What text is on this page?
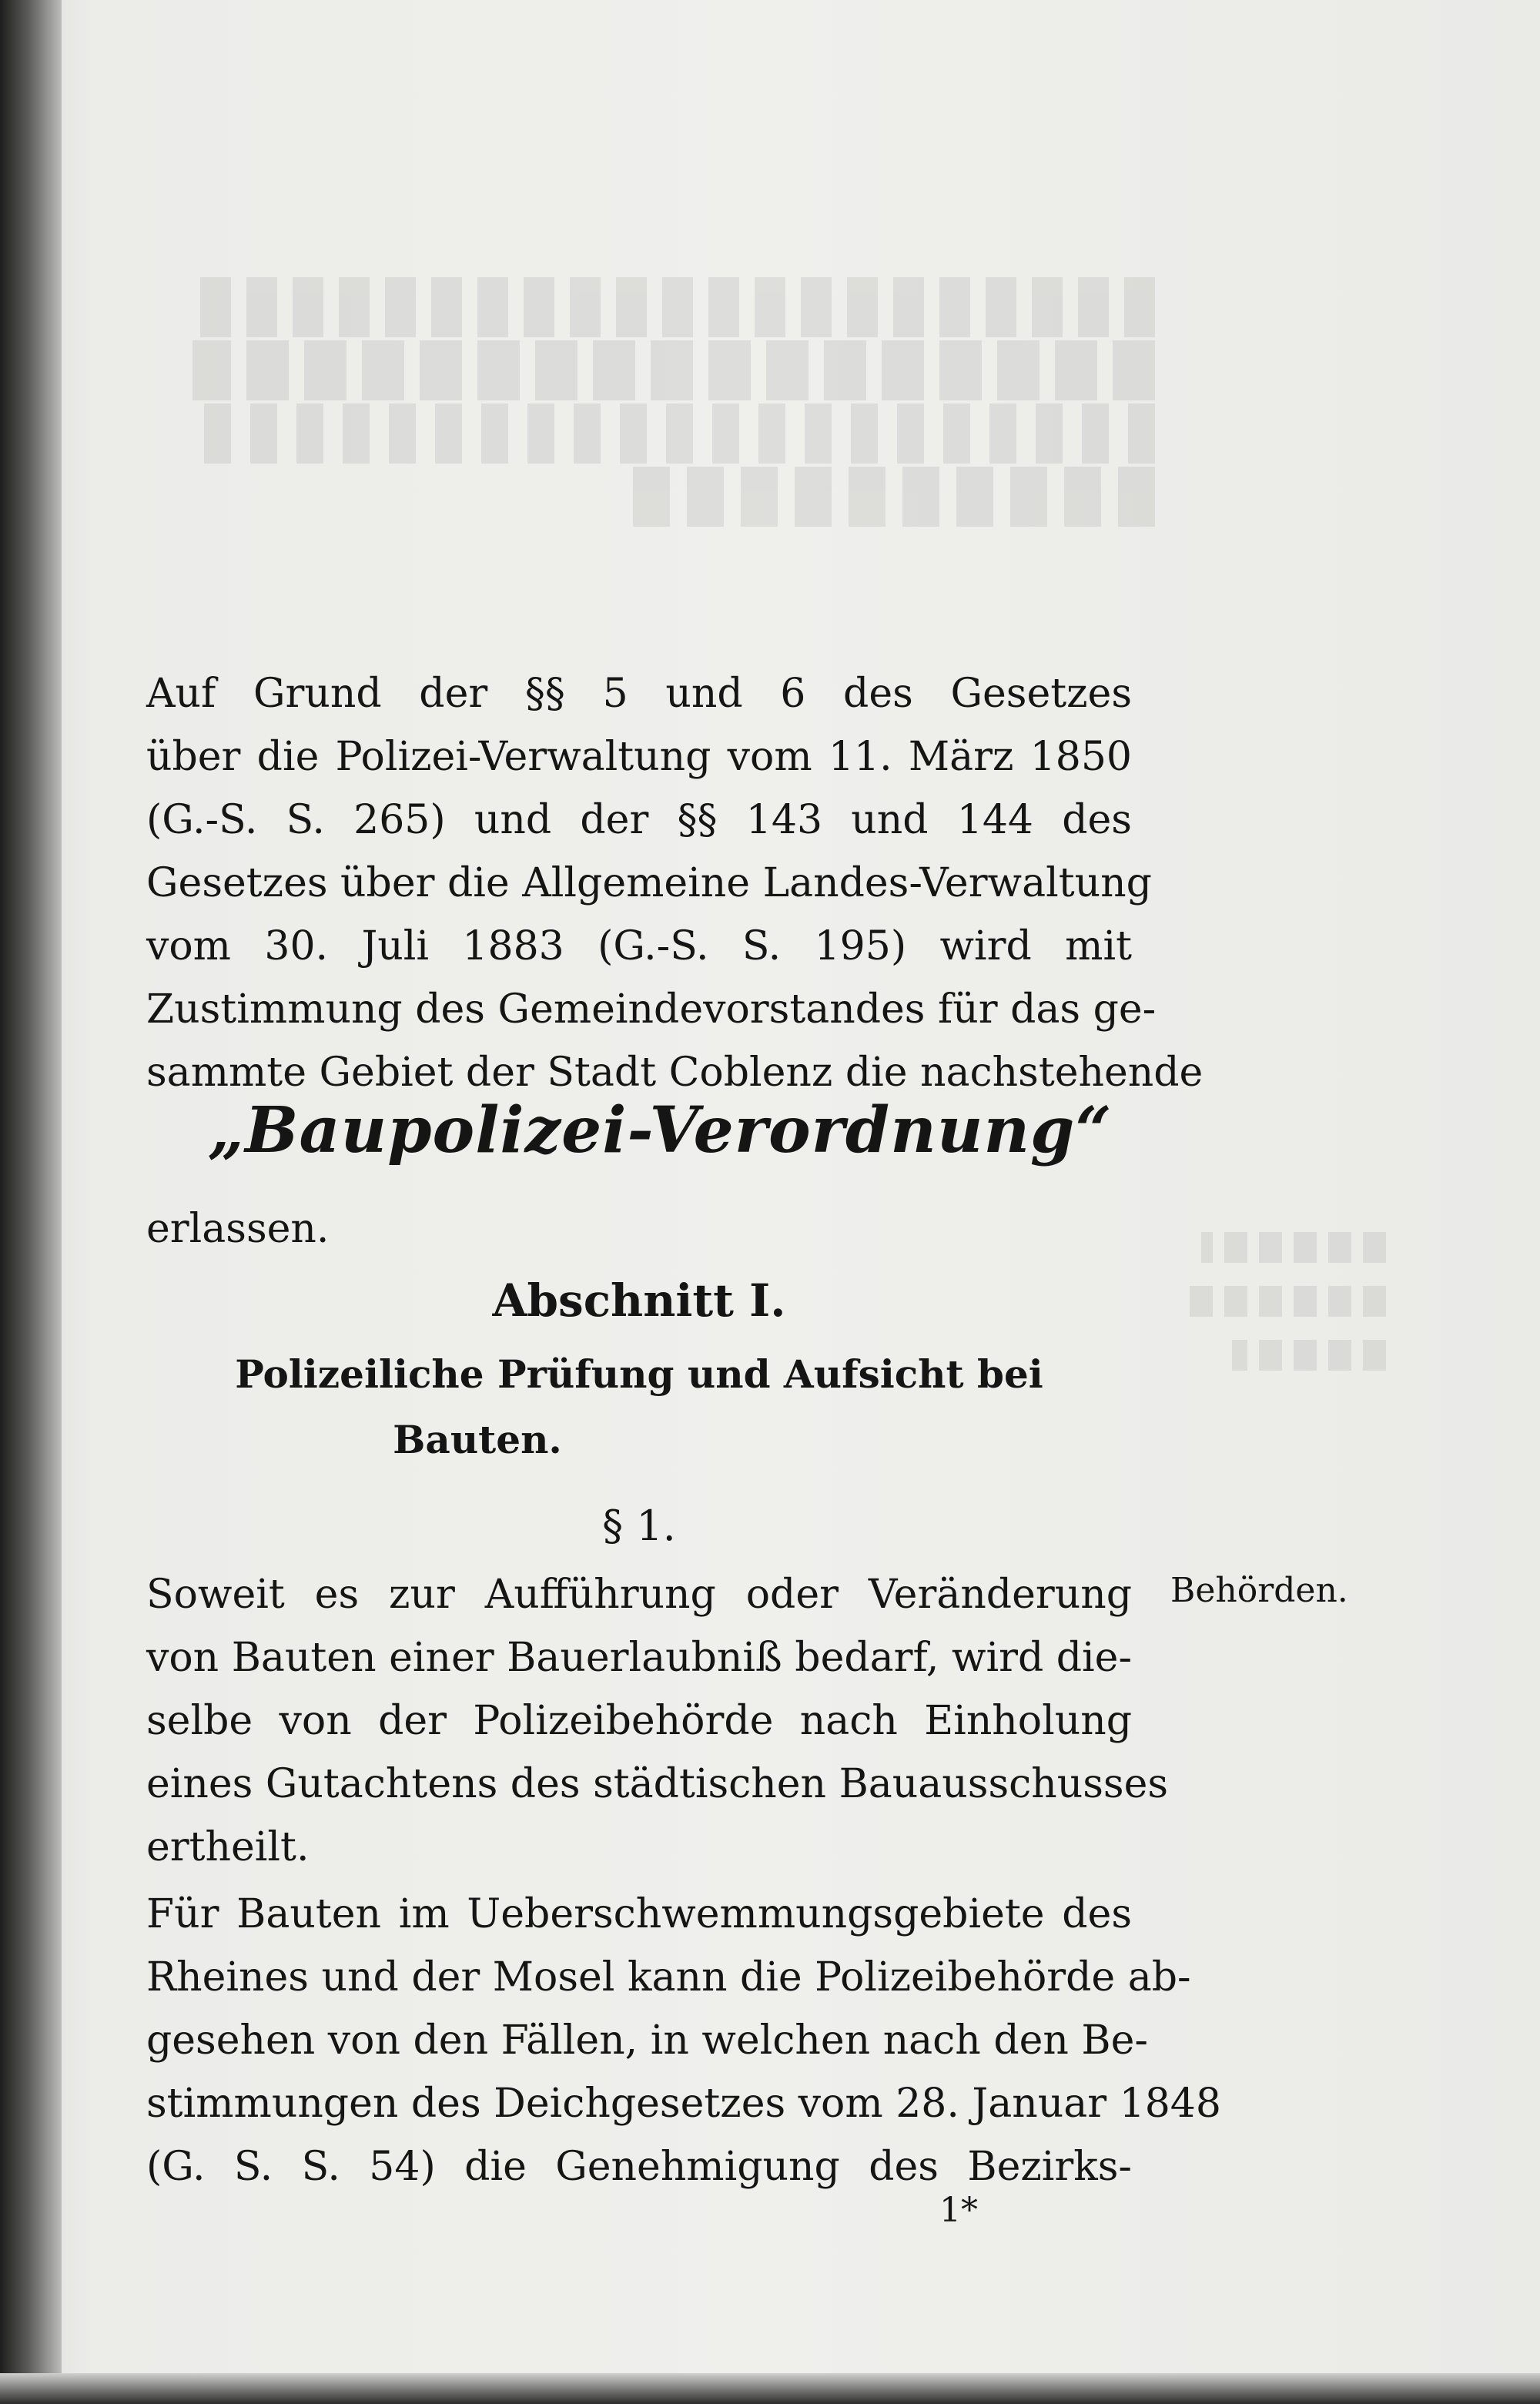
Auf Grund der §§ 5 und 6 des Gesetzes
über die Polizei-Verwaltung vom 11. März 1850
(G.-S. S. 265) und der §§ 143 und 144 des
Gesetzes über die Allgemeine Landes-Verwaltung
vom 30. Juli 1883 (G.-S. S. 195) wird mit
Zustimmung des Gemeindevorstandes für das ge-
sammte Gebiet der Stadt Coblenz die nachstehende
„Baupolizei-Verordnung“
erlassen.
Abschnitt I.
Polizeiliche Prüfung und Aufsicht bei
Bauten.
§ 1.
Behörden.
Soweit es zur Aufführung oder Veränderung
von Bauten einer Bauerlaubniß bedarf, wird die-
selbe von der Polizeibehörde nach Einholung
eines Gutachtens des städtischen Bauausschusses
ertheilt.
Für Bauten im Ueberschwemmungsgebiete des
Rheines und der Mosel kann die Polizeibehörde ab-
gesehen von den Fällen, in welchen nach den Be-
stimmungen des Deichgesetzes vom 28. Januar 1848
(G. S. S. 54) die Genehmigung des Bezirks-
1*
